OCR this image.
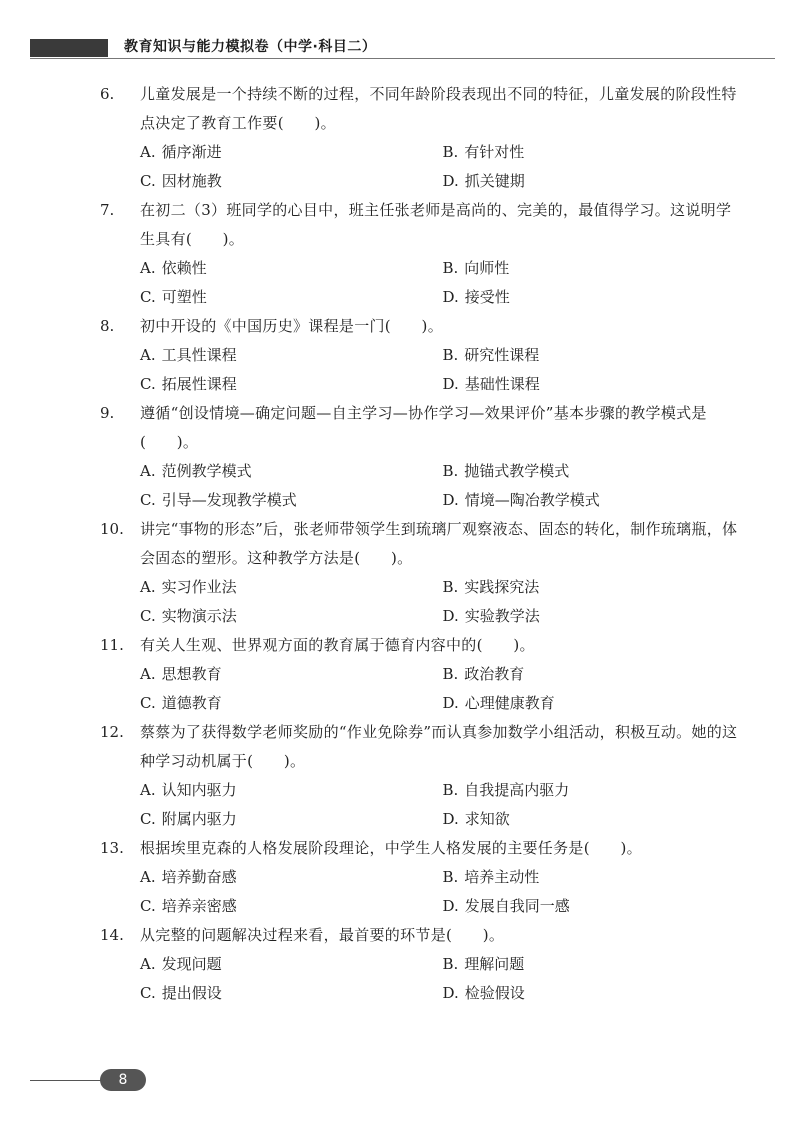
教育知识与能力模拟卷（中学·科目二）
6.	儿童发展是一个持续不断的过程，不同年龄阶段表现出不同的特征，儿童发展的阶段性特点决定了教育工作要(　　)。
A. 循序渐进	B. 有针对性
C. 因材施教	D. 抓关键期
7.	在初二（3）班同学的心目中，班主任张老师是高尚的、完美的，最值得学习。这说明学生具有(　　)。
A. 依赖性	B. 向师性
C. 可塑性	D. 接受性
8.	初中开设的《中国历史》课程是一门(　　)。
A. 工具性课程	B. 研究性课程
C. 拓展性课程	D. 基础性课程
9.	遵循“创设情境—确定问题—自主学习—协作学习—效果评价”基本步骤的教学模式是(　　)。
A. 范例教学模式	B. 抛锚式教学模式
C. 引导—发现教学模式	D. 情境—陶冶教学模式
10.	讲完“事物的形态”后，张老师带领学生到琉璃厂观察液态、固态的转化，制作琉璃瓶，体会固态的塑形。这种教学方法是(　　)。
A. 实习作业法	B. 实践探究法
C. 实物演示法	D. 实验教学法
11.	有关人生观、世界观方面的教育属于德育内容中的(　　)。
A. 思想教育	B. 政治教育
C. 道德教育	D. 心理健康教育
12.	蔡蔡为了获得数学老师奖励的“作业免除券”而认真参加数学小组活动，积极互动。她的这种学习动机属于(　　)。
A. 认知内驱力	B. 自我提高内驱力
C. 附属内驱力	D. 求知欲
13.	根据埃里克森的人格发展阶段理论，中学生人格发展的主要任务是(　　)。
A. 培养勤奋感	B. 培养主动性
C. 培养亲密感	D. 发展自我同一感
14.	从完整的问题解决过程来看，最首要的环节是(　　)。
A. 发现问题	B. 理解问题
C. 提出假设	D. 检验假设
8
